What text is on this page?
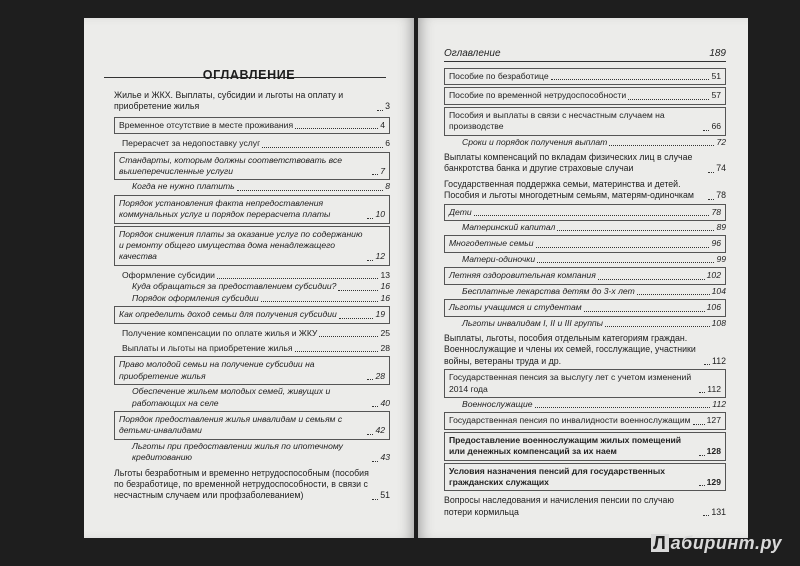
ОГЛАВЛЕНИЕ
Жилье и ЖКХ. Выплаты, субсидии и льготы на оплату и приобретение жилья	3
Временное отсутствие в месте проживания	4
Перерасчет за недопоставку услуг	6
Стандарты, которым должны соответствовать все вышеперечисленные услуги	7
Когда не нужно платить	8
Порядок установления факта непредоставления коммунальных услуг и порядок перерасчета платы	10
Порядок снижения платы за оказание услуг по содержанию и ремонту общего имущества дома ненадлежащего качества	12
Оформление субсидии	13
Куда обращаться за предоставлением субсидии?	16
Порядок оформления субсидии	16
Как определить доход семьи для получения субсидии	19
Получение компенсации по оплате жилья и ЖКУ	25
Выплаты и льготы на приобретение жилья	28
Право молодой семьи на получение субсидии на приобретение жилья	28
Обеспечение жильем молодых семей, живущих и работающих на селе	40
Порядок предоставления жилья инвалидам и семьям с детьми-инвалидами	42
Льготы при предоставлении жилья по ипотечному кредитованию	43
Льготы безработным и временно нетрудоспособным (пособия по безработице, по временной нетрудоспособности, в связи с несчастным случаем или профзаболеванием)	51
Оглавление	189
Пособие по безработице	51
Пособие по временной нетрудоспособности	57
Пособия и выплаты в связи с несчастным случаем на производстве	66
Сроки и порядок получения выплат	72
Выплаты компенсаций по вкладам физических лиц в случае банкротства банка и другие страховые случаи	74
Государственная поддержка семьи, материнства и детей. Пособия и льготы многодетным семьям, матерям-одиночкам	78
Дети	78
Материнский капитал	89
Многодетные семьи	96
Матери-одиночки	99
Летняя оздоровительная компания	102
Бесплатные лекарства детям до 3-х лет	104
Льготы учащимся и студентам	106
Льготы инвалидам I, II и III группы	108
Выплаты, льготы, пособия отдельным категориям граждан. Военнослужащие и члены их семей, госслужащие, участники войны, ветераны труда и др.	112
Государственная пенсия за выслугу лет с учетом изменений 2014 года	112
Военнослужащие	112
Государственная пенсия по инвалидности военнослужащим 127
Предоставление военнослужащим жилых помещений или денежных компенсаций за их наем	128
Условия назначения пенсий для государственных гражданских служащих	129
Вопросы наследования и начисления пенсии по случаю потери кормильца	131
Л абиринт.ру
